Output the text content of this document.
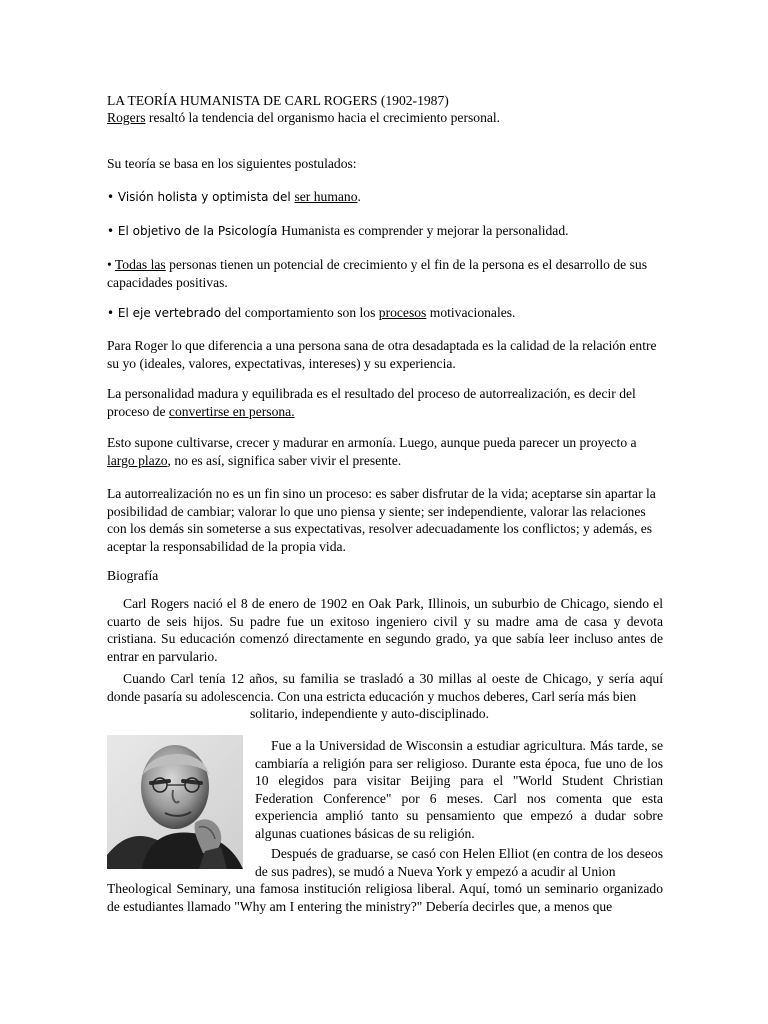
LA TEORÍA HUMANISTA DE CARL ROGERS (1902-1987)
Rogers resaltó la tendencia del organismo hacia el crecimiento personal.
Su teoría se basa en los siguientes postulados:
• Visión holista y optimista del ser humano.
• El objetivo de la Psicología Humanista es comprender y mejorar la personalidad.
• Todas las personas tienen un potencial de crecimiento y el fin de la persona es el desarrollo de sus capacidades positivas.
• El eje vertebrado del comportamiento son los procesos motivacionales.
Para Roger lo que diferencia a una persona sana de otra desadaptada es la calidad de la relación entre su yo (ideales, valores, expectativas, intereses) y su experiencia.
La personalidad madura y equilibrada es el resultado del proceso de autorrealización, es decir del proceso de convertirse en persona.
Esto supone cultivarse, crecer y madurar en armonía. Luego, aunque pueda parecer un proyecto a largo plazo, no es así, significa saber vivir el presente.
La autorrealización no es un fin sino un proceso: es saber disfrutar de la vida; aceptarse sin apartar la posibilidad de cambiar; valorar lo que uno piensa y siente; ser independiente, valorar las relaciones con los demás sin someterse a sus expectativas, resolver adecuadamente los conflictos; y además, es aceptar la responsabilidad de la propia vida.
Biografía
Carl Rogers nació el 8 de enero de 1902 en Oak Park, Illinois, un suburbio de Chicago, siendo el cuarto de seis hijos. Su padre fue un exitoso ingeniero civil y su madre ama de casa y devota cristiana. Su educación comenzó directamente en segundo grado, ya que sabía leer incluso antes de entrar en parvulario.
Cuando Carl tenía 12 años, su familia se trasladó a 30 millas al oeste de Chicago, y sería aquí donde pasaría su adolescencia. Con una estricta educación y muchos deberes, Carl sería más bien
solitario, independiente y auto-disciplinado.
Fue a la Universidad de Wisconsin a estudiar agricultura. Más tarde, se cambiaría a religión para ser religioso. Durante esta época, fue uno de los 10 elegidos para visitar Beijing para el "World Student Christian Federation Conference" por 6 meses. Carl nos comenta que esta experiencia amplió tanto su pensamiento que empezó a dudar sobre algunas cuationes básicas de su religión.
Después de graduarse, se casó con Helen Elliot (en contra de los deseos de sus padres), se mudó a Nueva York y empezó a acudir al Union
Theological Seminary, una famosa institución religiosa liberal. Aquí, tomó un seminario organizado de estudiantes llamado "Why am I entering the ministry?" Debería decirles que, a menos que
